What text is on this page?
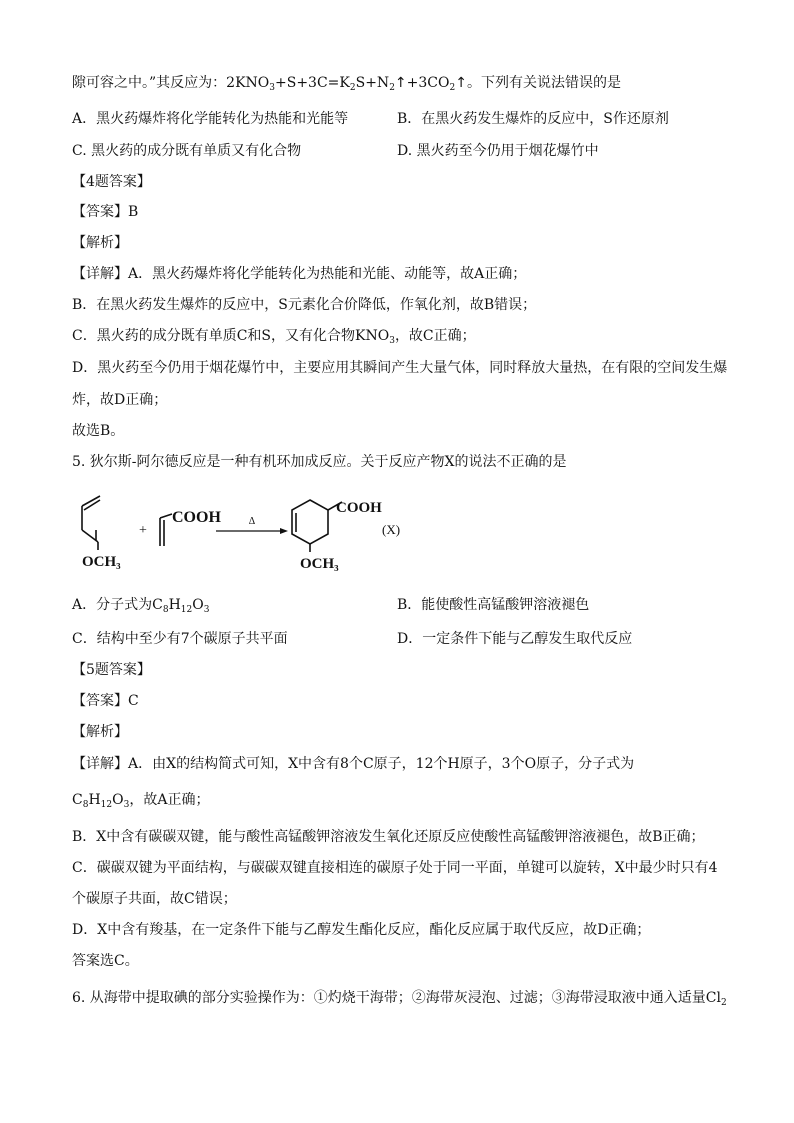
隙可容之中。”其反应为：$2KNO_3+S+3C=K_2S+N_2↑+3CO_2↑$。下列有关说法错误的是
A．黑火药爆炸将化学能转化为热能和光能等	B．在黑火药发生爆炸的反应中，S作还原剂
C. 黑火药的成分既有单质又有化合物	D. 黑火药至今仍用于烟花爆竹中
【4题答案】
【答案】B
【解析】
【详解】A．黑火药爆炸将化学能转化为热能和光能、动能等，故A正确；
B．在黑火药发生爆炸的反应中，S元素化合价降低，作氧化剂，故B错误；
C．黑火药的成分既有单质C和S，又有化合物$KNO_3$，故C正确；
D．黑火药至今仍用于烟花爆竹中，主要应用其瞬间产生大量气体，同时释放大量热，在有限的空间发生爆
炸，故D正确；
故选B。
5. 狄尔斯-阿尔德反应是一种有机环加成反应。关于反应产物X的说法不正确的是
OCH₃
+
COOH	Δ
COOH
OCH₃
(X)
A．分子式为$C_8H_{12}O_3$	B．能使酸性高锰酸钾溶液褪色
C．结构中至少有7个碳原子共平面	D．一定条件下能与乙醇发生取代反应
【5题答案】
【答案】C
【解析】
【详解】A．由X的结构简式可知，X中含有8个C原子，12个H原子，3个O原子，分子式为
$C_8H_{12}O_3$，故A正确；
B．X中含有碳碳双键，能与酸性高锰酸钾溶液发生氧化还原反应使酸性高锰酸钾溶液褪色，故B正确；
C．碳碳双键为平面结构，与碳碳双键直接相连的碳原子处于同一平面，单键可以旋转，X中最少时只有4
个碳原子共面，故C错误；
D．X中含有羧基，在一定条件下能与乙醇发生酯化反应，酯化反应属于取代反应，故D正确；
答案选C。
6. 从海带中提取碘的部分实验操作为：①灼烧干海带；②海带灰浸泡、过滤；③海带浸取液中通入适量$Cl_2$
